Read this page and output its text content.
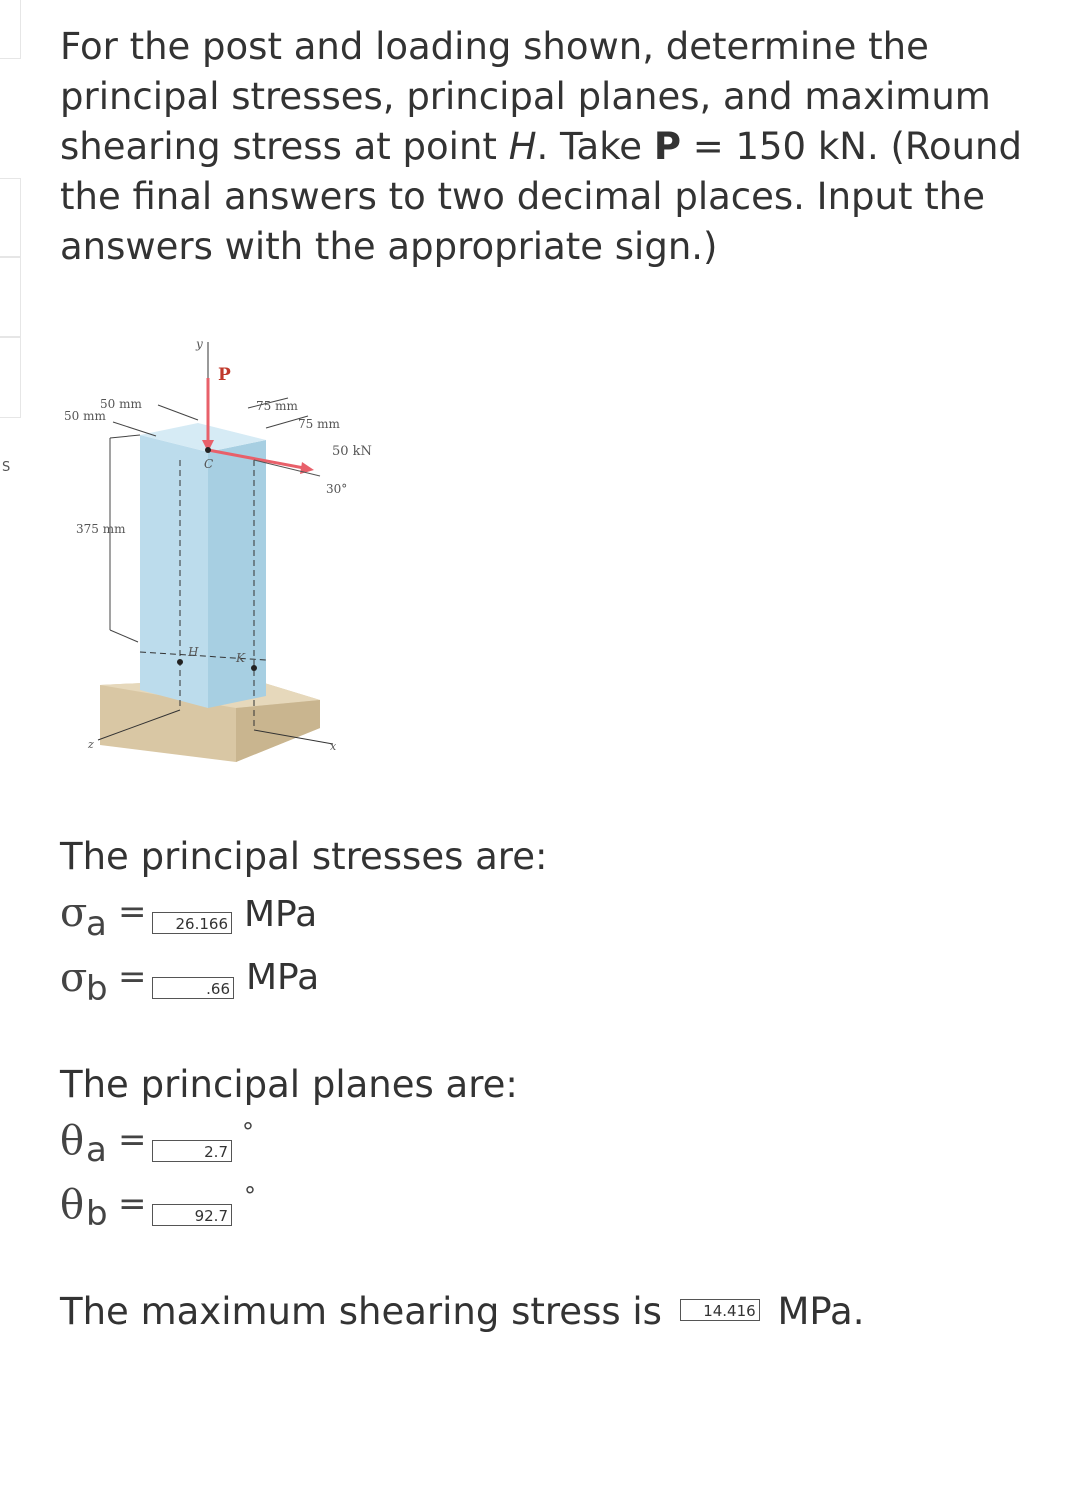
S

For the post and loading shown, determine the principal stresses, principal planes, and maximum shearing stress at point H. Take P = 150 kN. (Round the final answers to two decimal places. Input the answers with the appropriate sign.)

y
P
50 mm
50 mm
75 mm
75 mm
50 kN
30°
C
375 mm
H	K
z	x

The principal stresses are:

σ
a =	26.166 MPa
σ
b =	.66 MPa

The principal planes are:

θ a =	2.7
°
θ b =	92.7
°
The maximum shearing stress is	14.416 MPa.
